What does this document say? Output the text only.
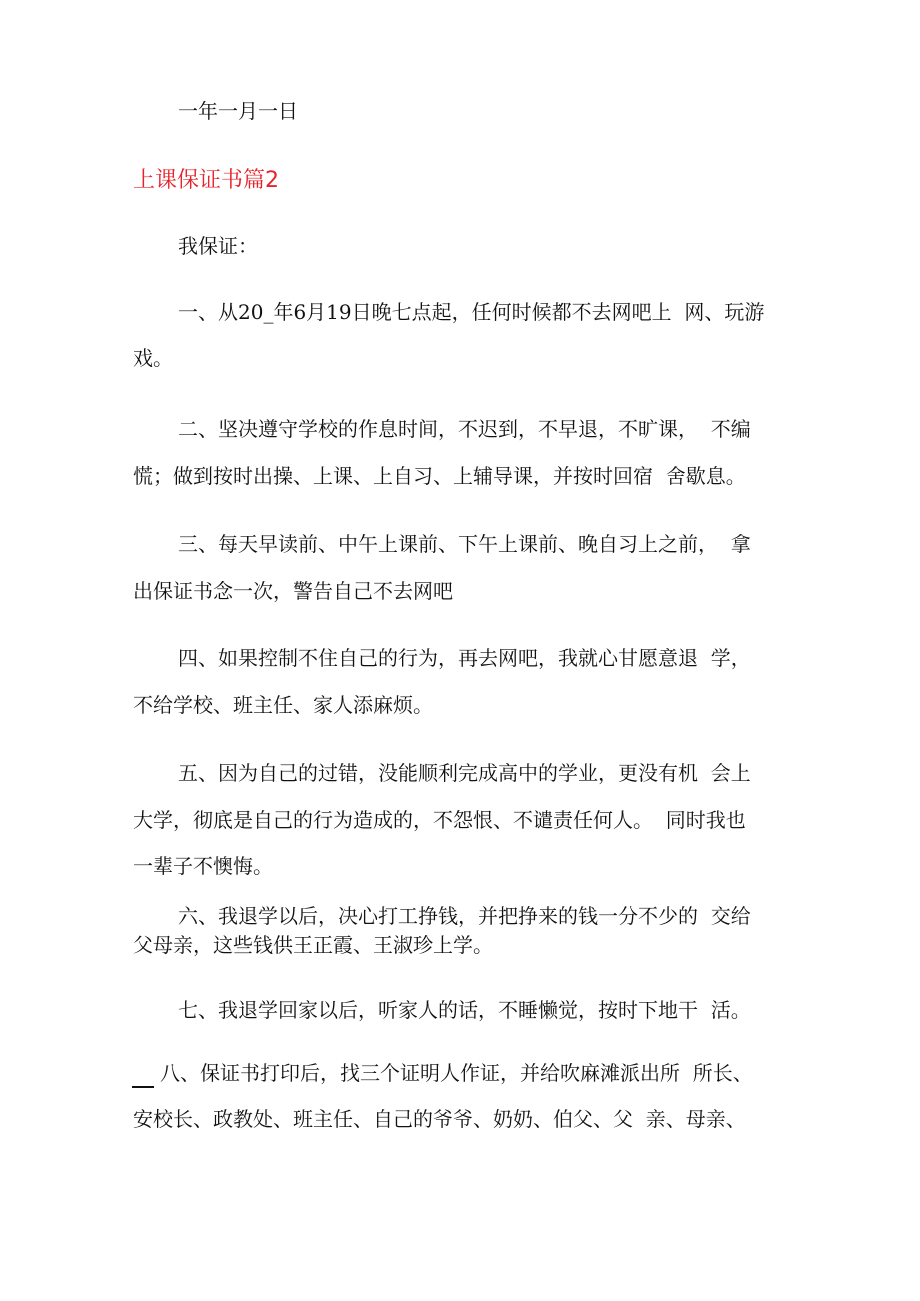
一年一月一日
上课保证书篇2
我保证：
一、从20_年6月19日晚七点起，任何时候都不去网吧上  网、玩游
戏。
二、坚决遵守学校的作息时间，不迟到，不早退，不旷课，  不编
慌；做到按时出操、上课、上自习、上辅导课，并按时回宿  舍歇息。
三、每天早读前、中午上课前、下午上课前、晚自习上之前，  拿
出保证书念一次，警告自己不去网吧
四、如果控制不住自己的行为，再去网吧，我就心甘愿意退  学，
不给学校、班主任、家人添麻烦。
五、因为自己的过错，没能顺利完成高中的学业，更没有机  会上
大学，彻底是自己的行为造成的，不怨恨、不谴责任何人。  同时我也
一辈子不懊悔。
六、我退学以后，决心打工挣钱，并把挣来的钱一分不少的  交给
父母亲，这些钱供王正霞、王淑珍上学。
七、我退学回家以后，听家人的话，不睡懒觉，按时下地干  活。
八、保证书打印后，找三个证明人作证，并给吹麻滩派出所  所长、
安校长、政教处、班主任、自己的爷爷、奶奶、伯父、父  亲、母亲、
